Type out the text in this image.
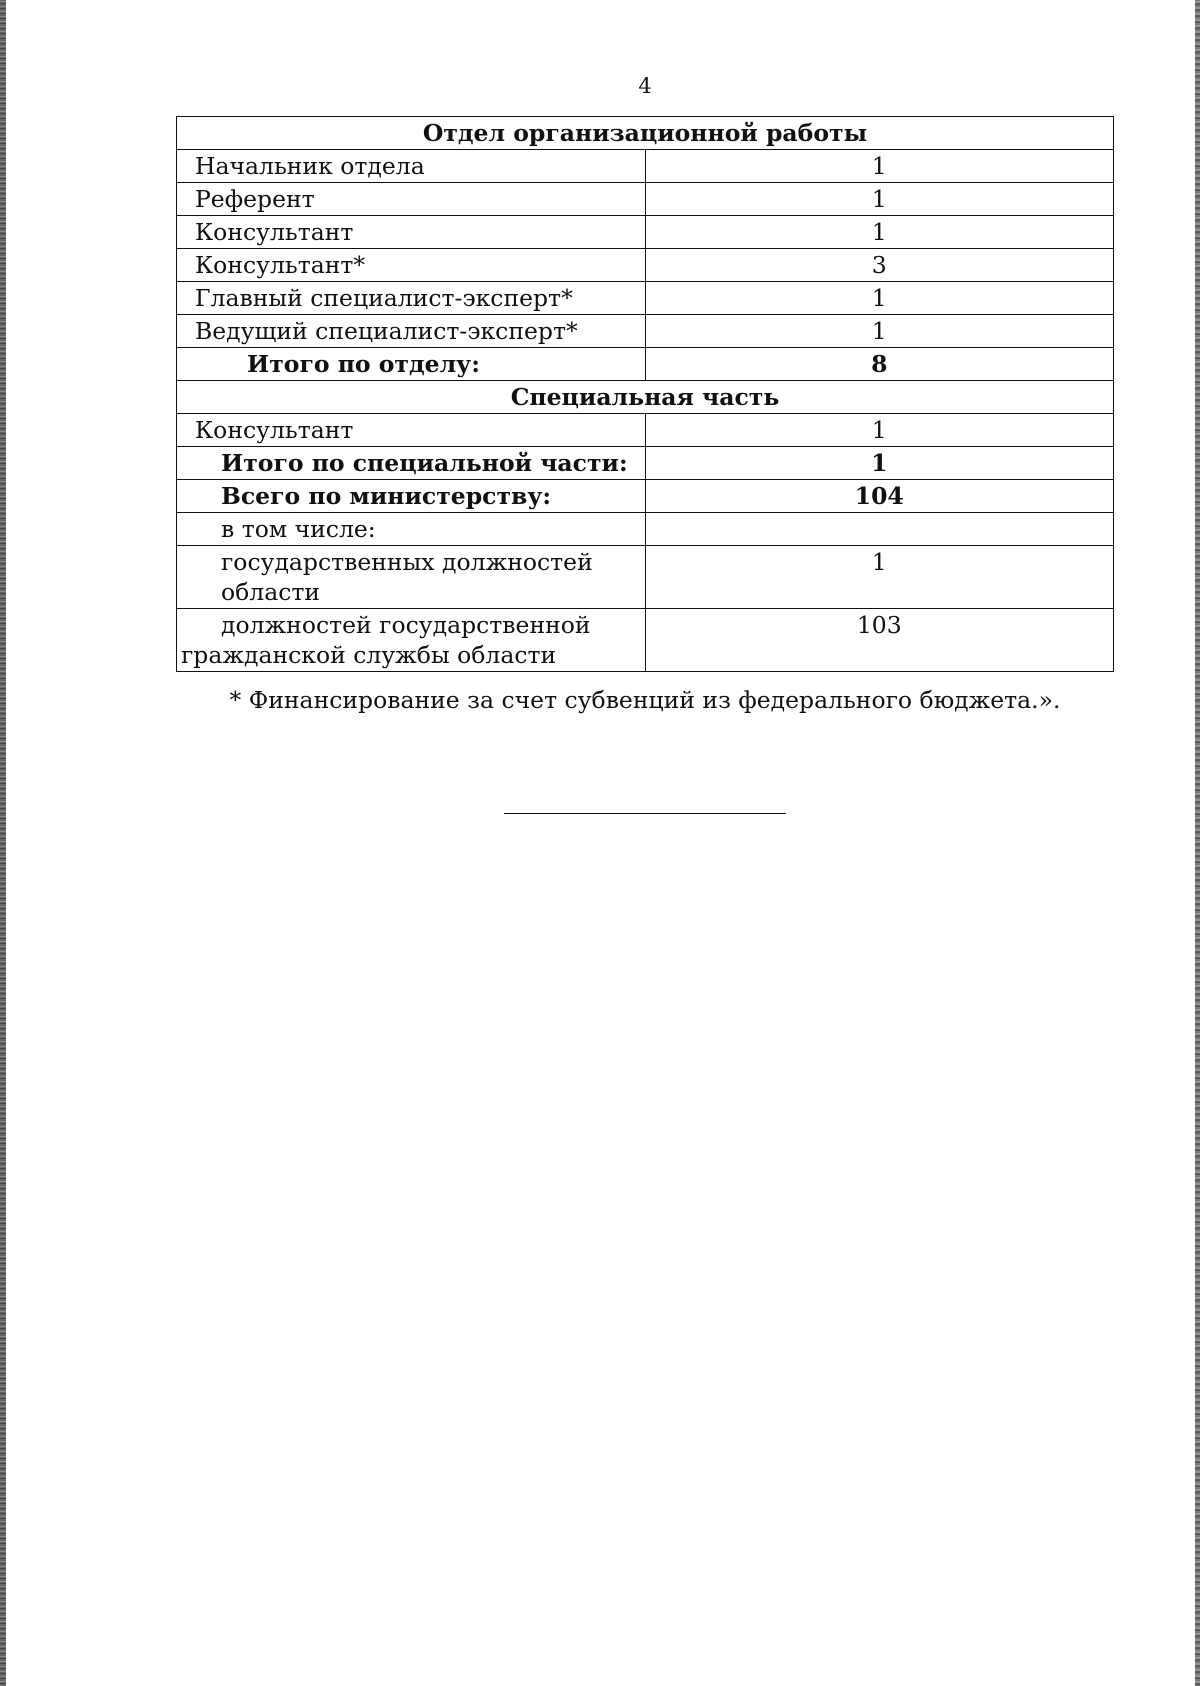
4
Отдел организационной работы	
Начальник отдела	1
Референт	1
Консультант	1
Консультант*	3
Главный специалист-эксперт*	1
Ведущий специалист-эксперт*	1
Итого по отделу:	8
Специальная часть	
Консультант	1
Итого по специальной части:	1
Всего по министерству:	104
в том числе:	
государственных должностей области	1
должностей государственной гражданской службы области	103
* Финансирование за счет субвенций из федерального бюджета.».
